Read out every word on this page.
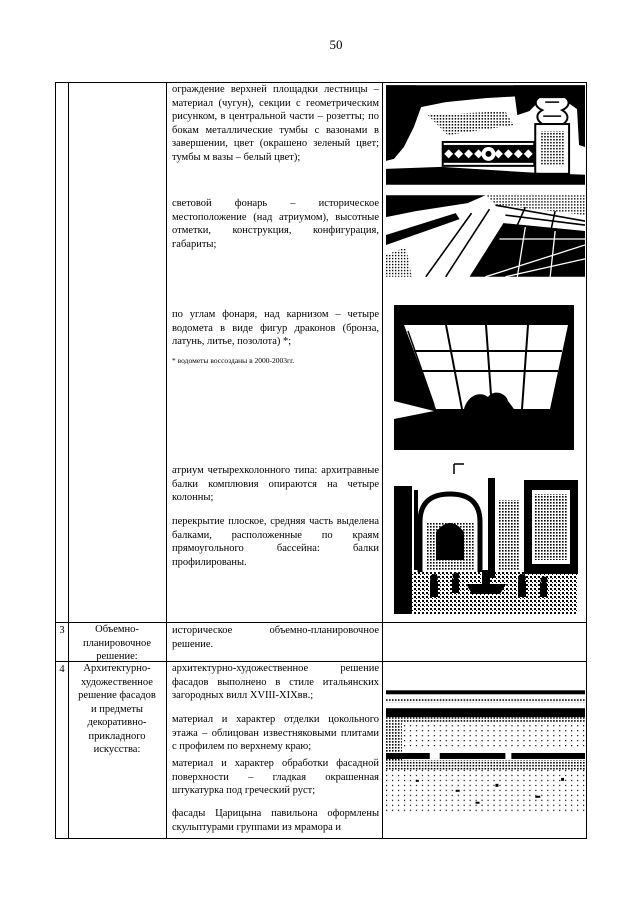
50
ограждение верхней площадки лестницы – материал (чугун), секции с геометрическим рисунком, в центральной части – розетты; по бокам металлические тумбы с вазонами в завершении, цвет (окрашено зеленый цвет; тумбы м вазы – белый цвет);
световой фонарь – историческое местоположение (над атриумом), высотные отметки, конструкция, конфигурация, габариты;
по углам фонаря, над карнизом – четыре водомета в виде фигур драконов (бронза, латунь, литье, позолота) *;
* водометы воссозданы в 2000-2003гг.
атриум четырехколонного типа: архитравные балки комплювия опираются на четыре колонны;
перекрытие плоское, средняя часть выделена балками, расположенные по краям прямоугольного бассейна: балки профилированы.
3	Объемно-планировочное решение:
историческое объемно-планировочное решение.
4	Архитектурно-художественное решение фасадов и предметы декоративно-прикладного искусства:
архитектурно-художественное решение фасадов выполнено в стиле итальянских загородных вилл XVIII-XIXвв.;
материал и характер отделки цокольного этажа – облицован известняковыми плитами с профилем по верхнему краю;
материал и характер обработки фасадной поверхности – гладкая окрашенная штукатурка под греческий руст;
фасады Царицына павильона оформлены скульптурами группами из мрамора и
